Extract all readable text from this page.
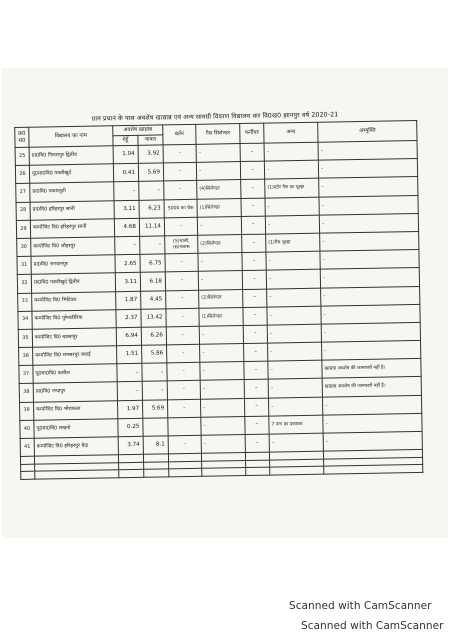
ग्राम प्रधान के पास अवशेष खाद्यान्न एवं अन्य सामग्री विवरण विद्यालय वार वि0ख0 झानपुर वर्ष 2020-21
क्र0 सं0	विद्यालय का नाम	अवशेष खाद्यान्न		बर्तन	गैस सिलेण्डर	फर्नीचर	अन्य	अभ्युक्ति
		गेहूँ	चावल					
25	प्रा0वि0 गिरधरपुर द्वितीय	1.04	3.92	–	–	–	–	–
26	पू0मा0वि0 पकरीखुर्द	0.41	5.69	–	–	–	–	–
27	प्रा0वि0 पकरालुटी	–	–	–	(4)सिलेण्डर	–	(1)स्टोर गैस का चूल्हा	–
28	प्रा0वि0 हरिहरपुर सानी	3.11	6.23	5000 का चेक	(1)सिलेण्डर	–	–	–
29	कम्पोजिट वि0 हरिहरपुर सानी	4.68	11.14	–	–	–	–	–
30	कम्पोजिट वि0 जौहरपुर	–	–	(5)थाली,(6)गलास	(2)सिलेण्डर	–	(1)गैस चूल्हा	–
31	प्रा0वि0 भगवानपुर	2.65	6.75	–	–	–	–	–
32	प्रा0वि0 पकरीखुर्द द्वितीय	3.11	6.18	–	–	–	–	–
33	कम्पोजिट वि0 भिटिवरा	1.87	4.45	–	(2)सिलेण्डर	–	–	–
34	कम्पोजिट वि0 पुरेनाडीरिया	2.37	13.42	–	(1)सिलेण्डर	–	–	–
35	कम्पोजिट वि0 बडसापुर	6.94	6.26	–	–	–	–	–
36	कम्पोजिट वि0 रामसरपुर बघाई	1.51	5.86	–	–	–	–	–
37	पू0मा0वि0 कारील	–	–	–	–	–	–	खाद्यान्न अवशेष की जानकारी नहीं है।
38	प्रा0वि0 नन्दापुर	–	–	–	–	–	–	खाद्यान्न अवशेष की जानकारी नहीं है।
39	कम्पोजिट वि0 भौराकला	1.97	5.69	–	–	–	–	–
40	पू0मा0वि0 लखनो	0.25			–	–	7 नग्ग का दरवाजा	–
41	कम्पोजिट वि0 हरिहरपुर बैदा	3.74	8.1	–	–	–	–	–

Scanned with CamScanner
Scanned with CamScanner
